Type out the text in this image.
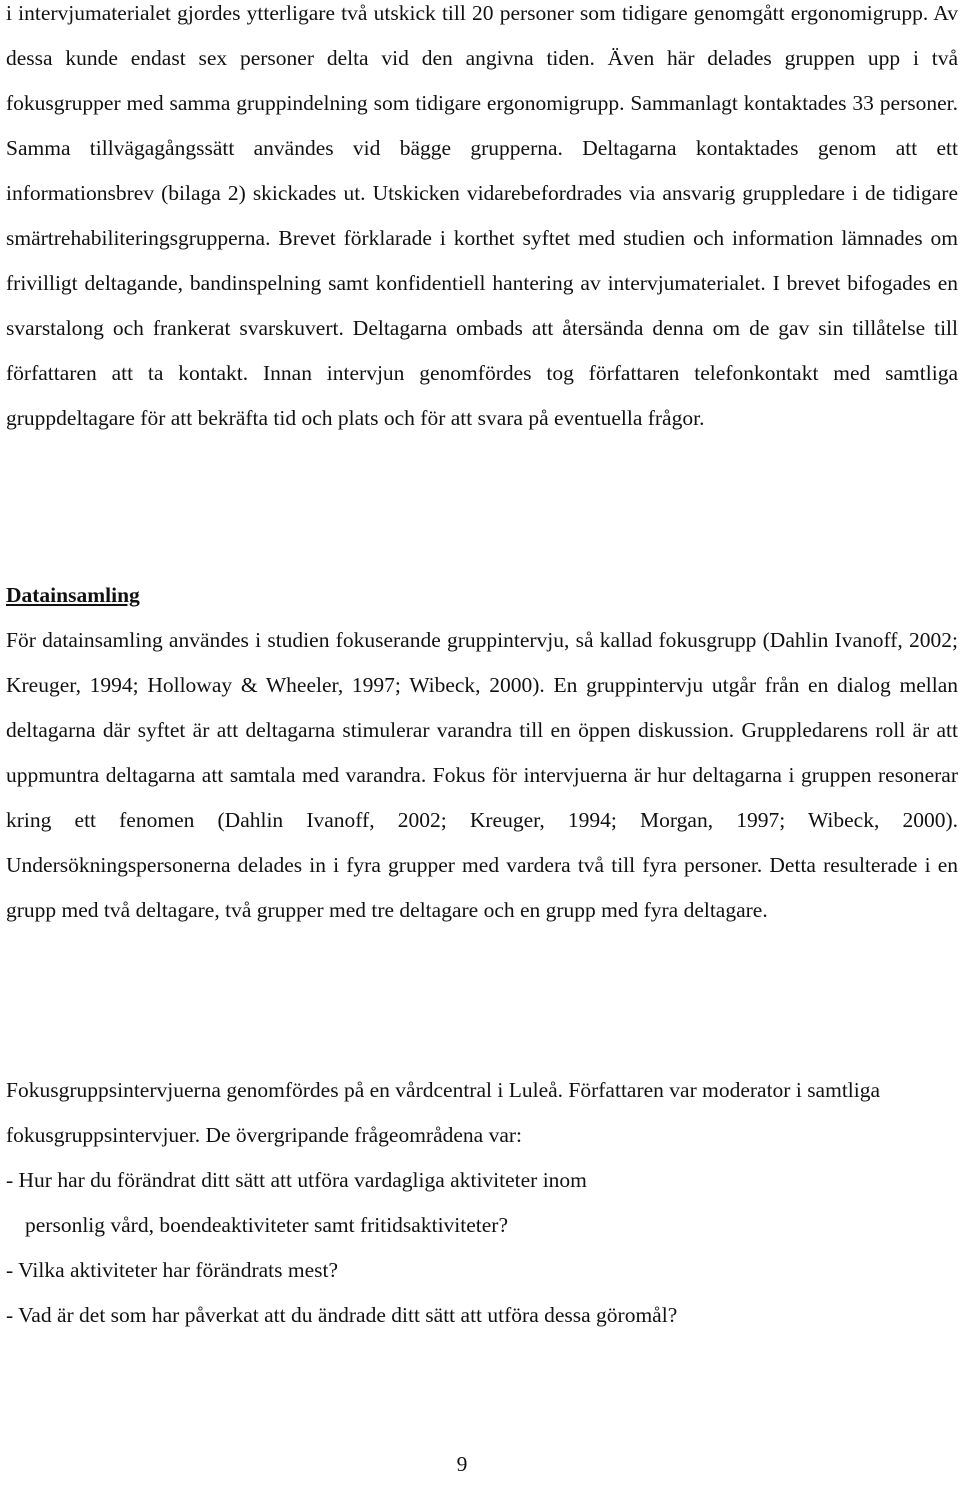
i intervjumaterialet gjordes ytterligare två utskick till 20 personer som tidigare genomgått ergonomigrupp. Av dessa kunde endast sex personer delta vid den angivna tiden. Även här delades gruppen upp i två fokusgrupper med samma gruppindelning som tidigare ergonomigrupp. Sammanlagt kontaktades 33 personer. Samma tillvägagångssätt användes vid bägge grupperna. Deltagarna kontaktades genom att ett informationsbrev (bilaga 2) skickades ut. Utskicken vidarebefordrades via ansvarig gruppledare i de tidigare smärtrehabiliteringsgrupperna. Brevet förklarade i korthet syftet med studien och information lämnades om frivilligt deltagande, bandinspelning samt konfidentiell hantering av intervjumaterialet. I brevet bifogades en svarstalong och frankerat svarskuvert. Deltagarna ombads att återsända denna om de gav sin tillåtelse till författaren att ta kontakt. Innan intervjun genomfördes tog författaren telefonkontakt med samtliga gruppdeltagare för att bekräfta tid och plats och för att svara på eventuella frågor.

Datainsamling

För datainsamling användes i studien fokuserande gruppintervju, så kallad fokusgrupp (Dahlin Ivanoff, 2002; Kreuger, 1994; Holloway & Wheeler, 1997; Wibeck, 2000). En gruppintervju utgår från en dialog mellan deltagarna där syftet är att deltagarna stimulerar varandra till en öppen diskussion. Gruppledarens roll är att uppmuntra deltagarna att samtala med varandra. Fokus för intervjuerna är hur deltagarna i gruppen resonerar kring ett fenomen (Dahlin Ivanoff, 2002; Kreuger, 1994; Morgan, 1997; Wibeck, 2000). Undersökningspersonerna delades in i fyra grupper med vardera två till fyra personer. Detta resulterade i en grupp med två deltagare, två grupper med tre deltagare och en grupp med fyra deltagare.

Fokusgruppsintervjuerna genomfördes på en vårdcentral i Luleå. Författaren var moderator i samtliga fokusgruppsintervjuer. De övergripande frågeområdena var:

- Hur har du förändrat ditt sätt att utföra vardagliga aktiviteter inom
personlig vård, boendeaktiviteter samt fritidsaktiviteter?
- Vilka aktiviteter har förändrats mest?
- Vad är det som har påverkat att du ändrade ditt sätt att utföra dessa göromål?
9
